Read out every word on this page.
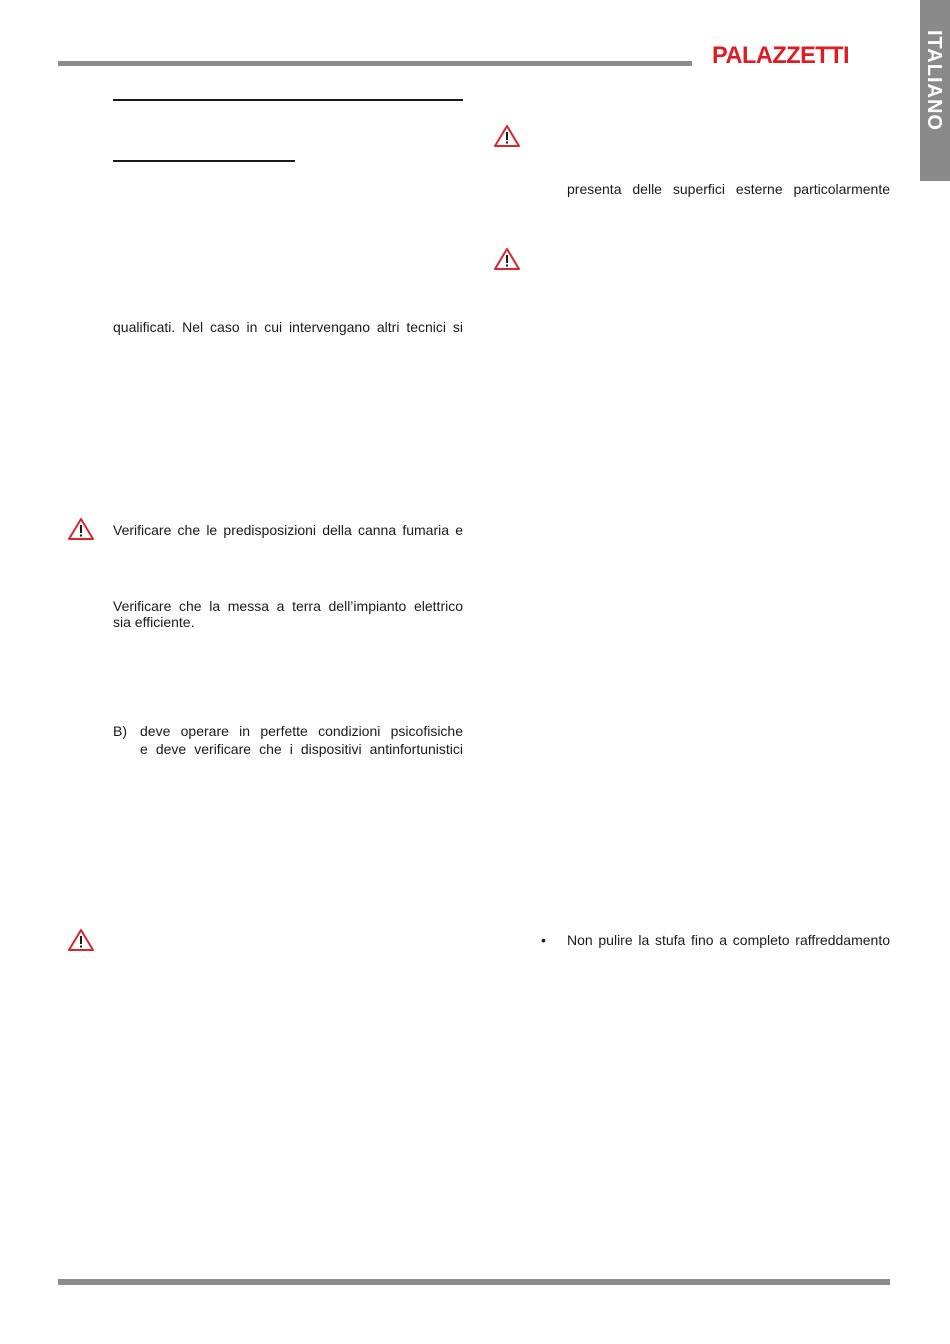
PALAZZETTI	ITALIANO
qualificati. Nel caso in cui intervengano altri tecnici si
Verificare che le predisposizioni della canna fumaria e
Verificare che la messa a terra dell’impianto elettrico
sia efficiente.
B) deve operare in perfette condizioni psicofisiche
e deve verificare che i dispositivi antinfortunistici
presenta delle superfici esterne particolarmente
• Non pulire la stufa fino a completo raffreddamento
